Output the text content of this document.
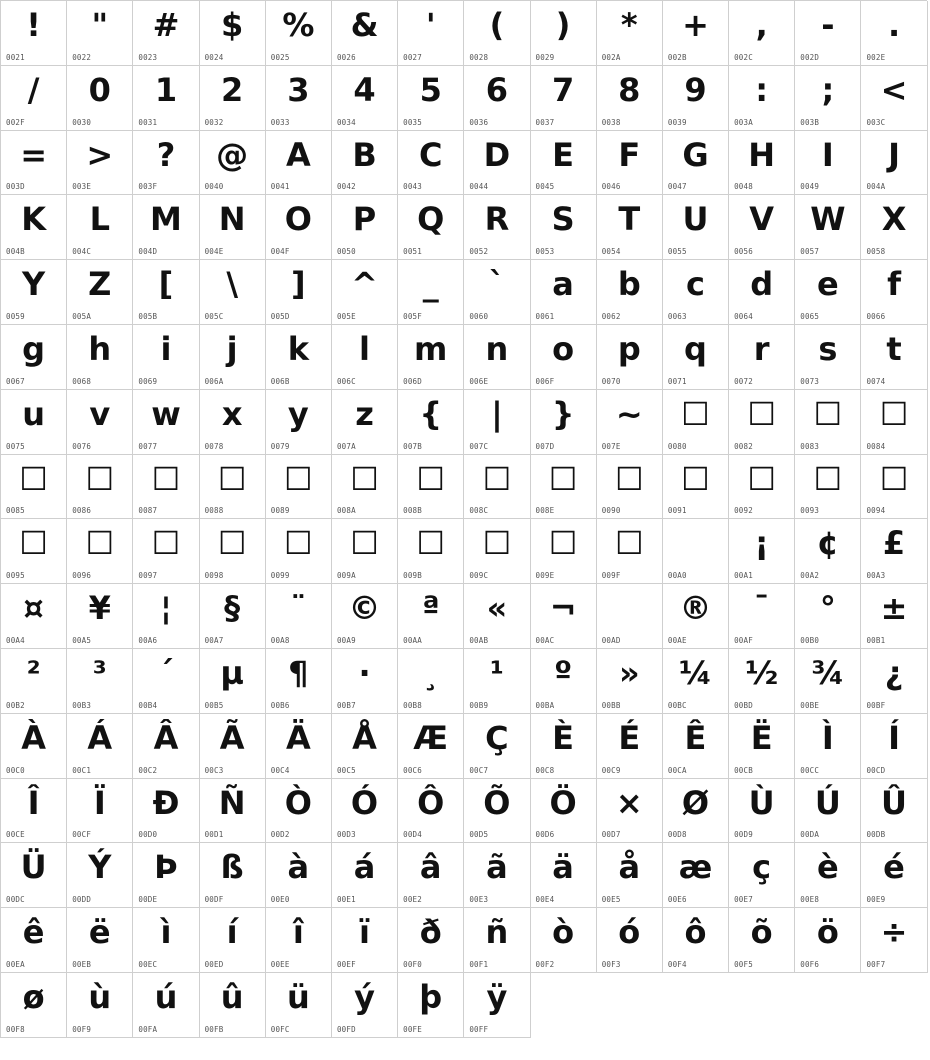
!
0021
"
0022
#
0023
$
0024
%
0025
&
0026
'
0027
(
0028
)
0029
*
002A
+
002B
,
002C
-
002D
.
002E
/
002F
0
0030
1
0031
2
0032
3
0033
4
0034
5
0035
6
0036
7
0037
8
0038
9
0039
:
003A
;
003B
<
003C
=
003D
>
003E
?
003F
@
0040
A
0041
B
0042
C
0043
D
0044
E
0045
F
0046
G
0047
H
0048
I
0049
J
004A
K
004B
L
004C
M
004D
N
004E
O
004F
P
0050
Q
0051
R
0052
S
0053
T
0054
U
0055
V
0056
W
0057
X
0058
Y
0059
Z
005A
[
005B
\
005C
]
005D
^
005E
_
005F
`
0060
a
0061
b
0062
c
0063
d
0064
e
0065
f
0066
g
0067
h
0068
i
0069
j
006A
k
006B
l
006C
m
006D
n
006E
o
006F
p
0070
q
0071
r
0072
s
0073
t
0074
u
0075
v
0076
w
0077
x
0078
y
0079
z
007A
{
007B
|
007C
}
007D
~
007E
☐
0080
☐
0082
☐
0083
☐
0084
☐
0085
☐
0086
☐
0087
☐
0088
☐
0089
☐
008A
☐
008B
☐
008C
☐
008E
☐
0090
☐
0091
☐
0092
☐
0093
☐
0094
☐
0095
☐
0096
☐
0097
☐
0098
☐
0099
☐
009A
☐
009B
☐
009C
☐
009E
☐
009F	00A0
¡
00A1
¢
00A2
£
00A3
¤
00A4
¥
00A5
¦
00A6
§
00A7
¨
00A8
©
00A9
ª
00AA
«
00AB
¬
00AC	00AD
®
00AE
¯
00AF
°
00B0
±
00B1
²
00B2
³
00B3
´
00B4
µ
00B5
¶
00B6
·
00B7
¸
00B8
¹
00B9
º
00BA
»
00BB
¼
00BC
½
00BD
¾
00BE
¿
00BF
À
00C0
Á
00C1
Â
00C2
Ã
00C3
Ä
00C4
Å
00C5
Æ
00C6
Ç
00C7
È
00C8
É
00C9
Ê
00CA
Ë
00CB
Ì
00CC
Í
00CD
Î
00CE
Ï
00CF
Ð
00D0
Ñ
00D1
Ò
00D2
Ó
00D3
Ô
00D4
Õ
00D5
Ö
00D6
×
00D7
Ø
00D8
Ù
00D9
Ú
00DA
Û
00DB
Ü
00DC
Ý
00DD
Þ
00DE
ß
00DF
à
00E0
á
00E1
â
00E2
ã
00E3
ä
00E4
å
00E5
æ
00E6
ç
00E7
è
00E8
é
00E9
ê
00EA
ë
00EB
ì
00EC
í
00ED
î
00EE
ï
00EF
ð
00F0
ñ
00F1
ò
00F2
ó
00F3
ô
00F4
õ
00F5
ö
00F6
÷
00F7
ø
00F8
ù
00F9
ú
00FA
û
00FB
ü
00FC
ý
00FD
þ
00FE
ÿ
00FF
